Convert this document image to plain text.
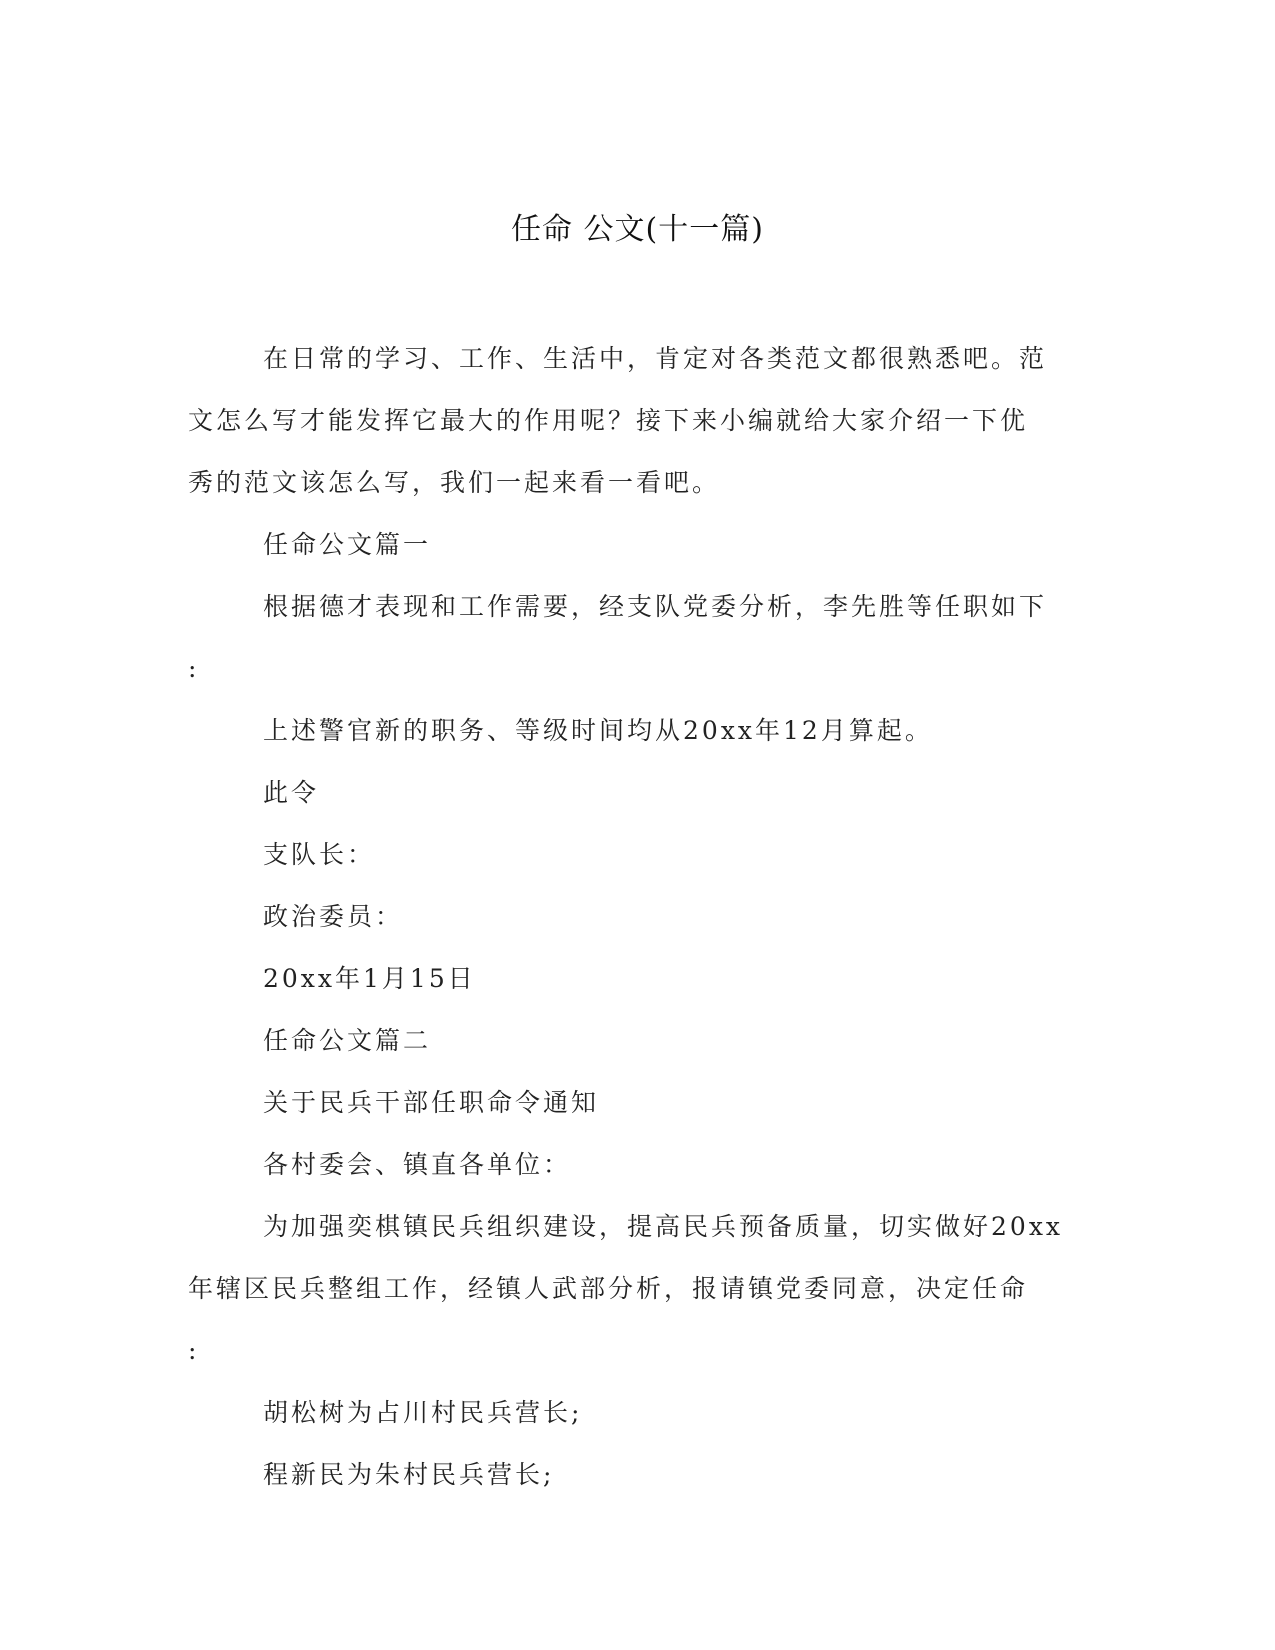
任命 公文(十一篇)

在日常的学习、工作、生活中，肯定对各类范文都很熟悉吧。范

文怎么写才能发挥它最大的作用呢？接下来小编就给大家介绍一下优

秀的范文该怎么写，我们一起来看一看吧。

任命公文篇一

根据德才表现和工作需要，经支队党委分析，李先胜等任职如下

:

上述警官新的职务、等级时间均从20xx年12月算起。

此令

支队长：

政治委员：

20xx年1月15日

任命公文篇二

关于民兵干部任职命令通知

各村委会、镇直各单位：

为加强奕棋镇民兵组织建设，提高民兵预备质量，切实做好20xx

年辖区民兵整组工作，经镇人武部分析，报请镇党委同意，决定任命

:

胡松树为占川村民兵营长;

程新民为朱村民兵营长;
